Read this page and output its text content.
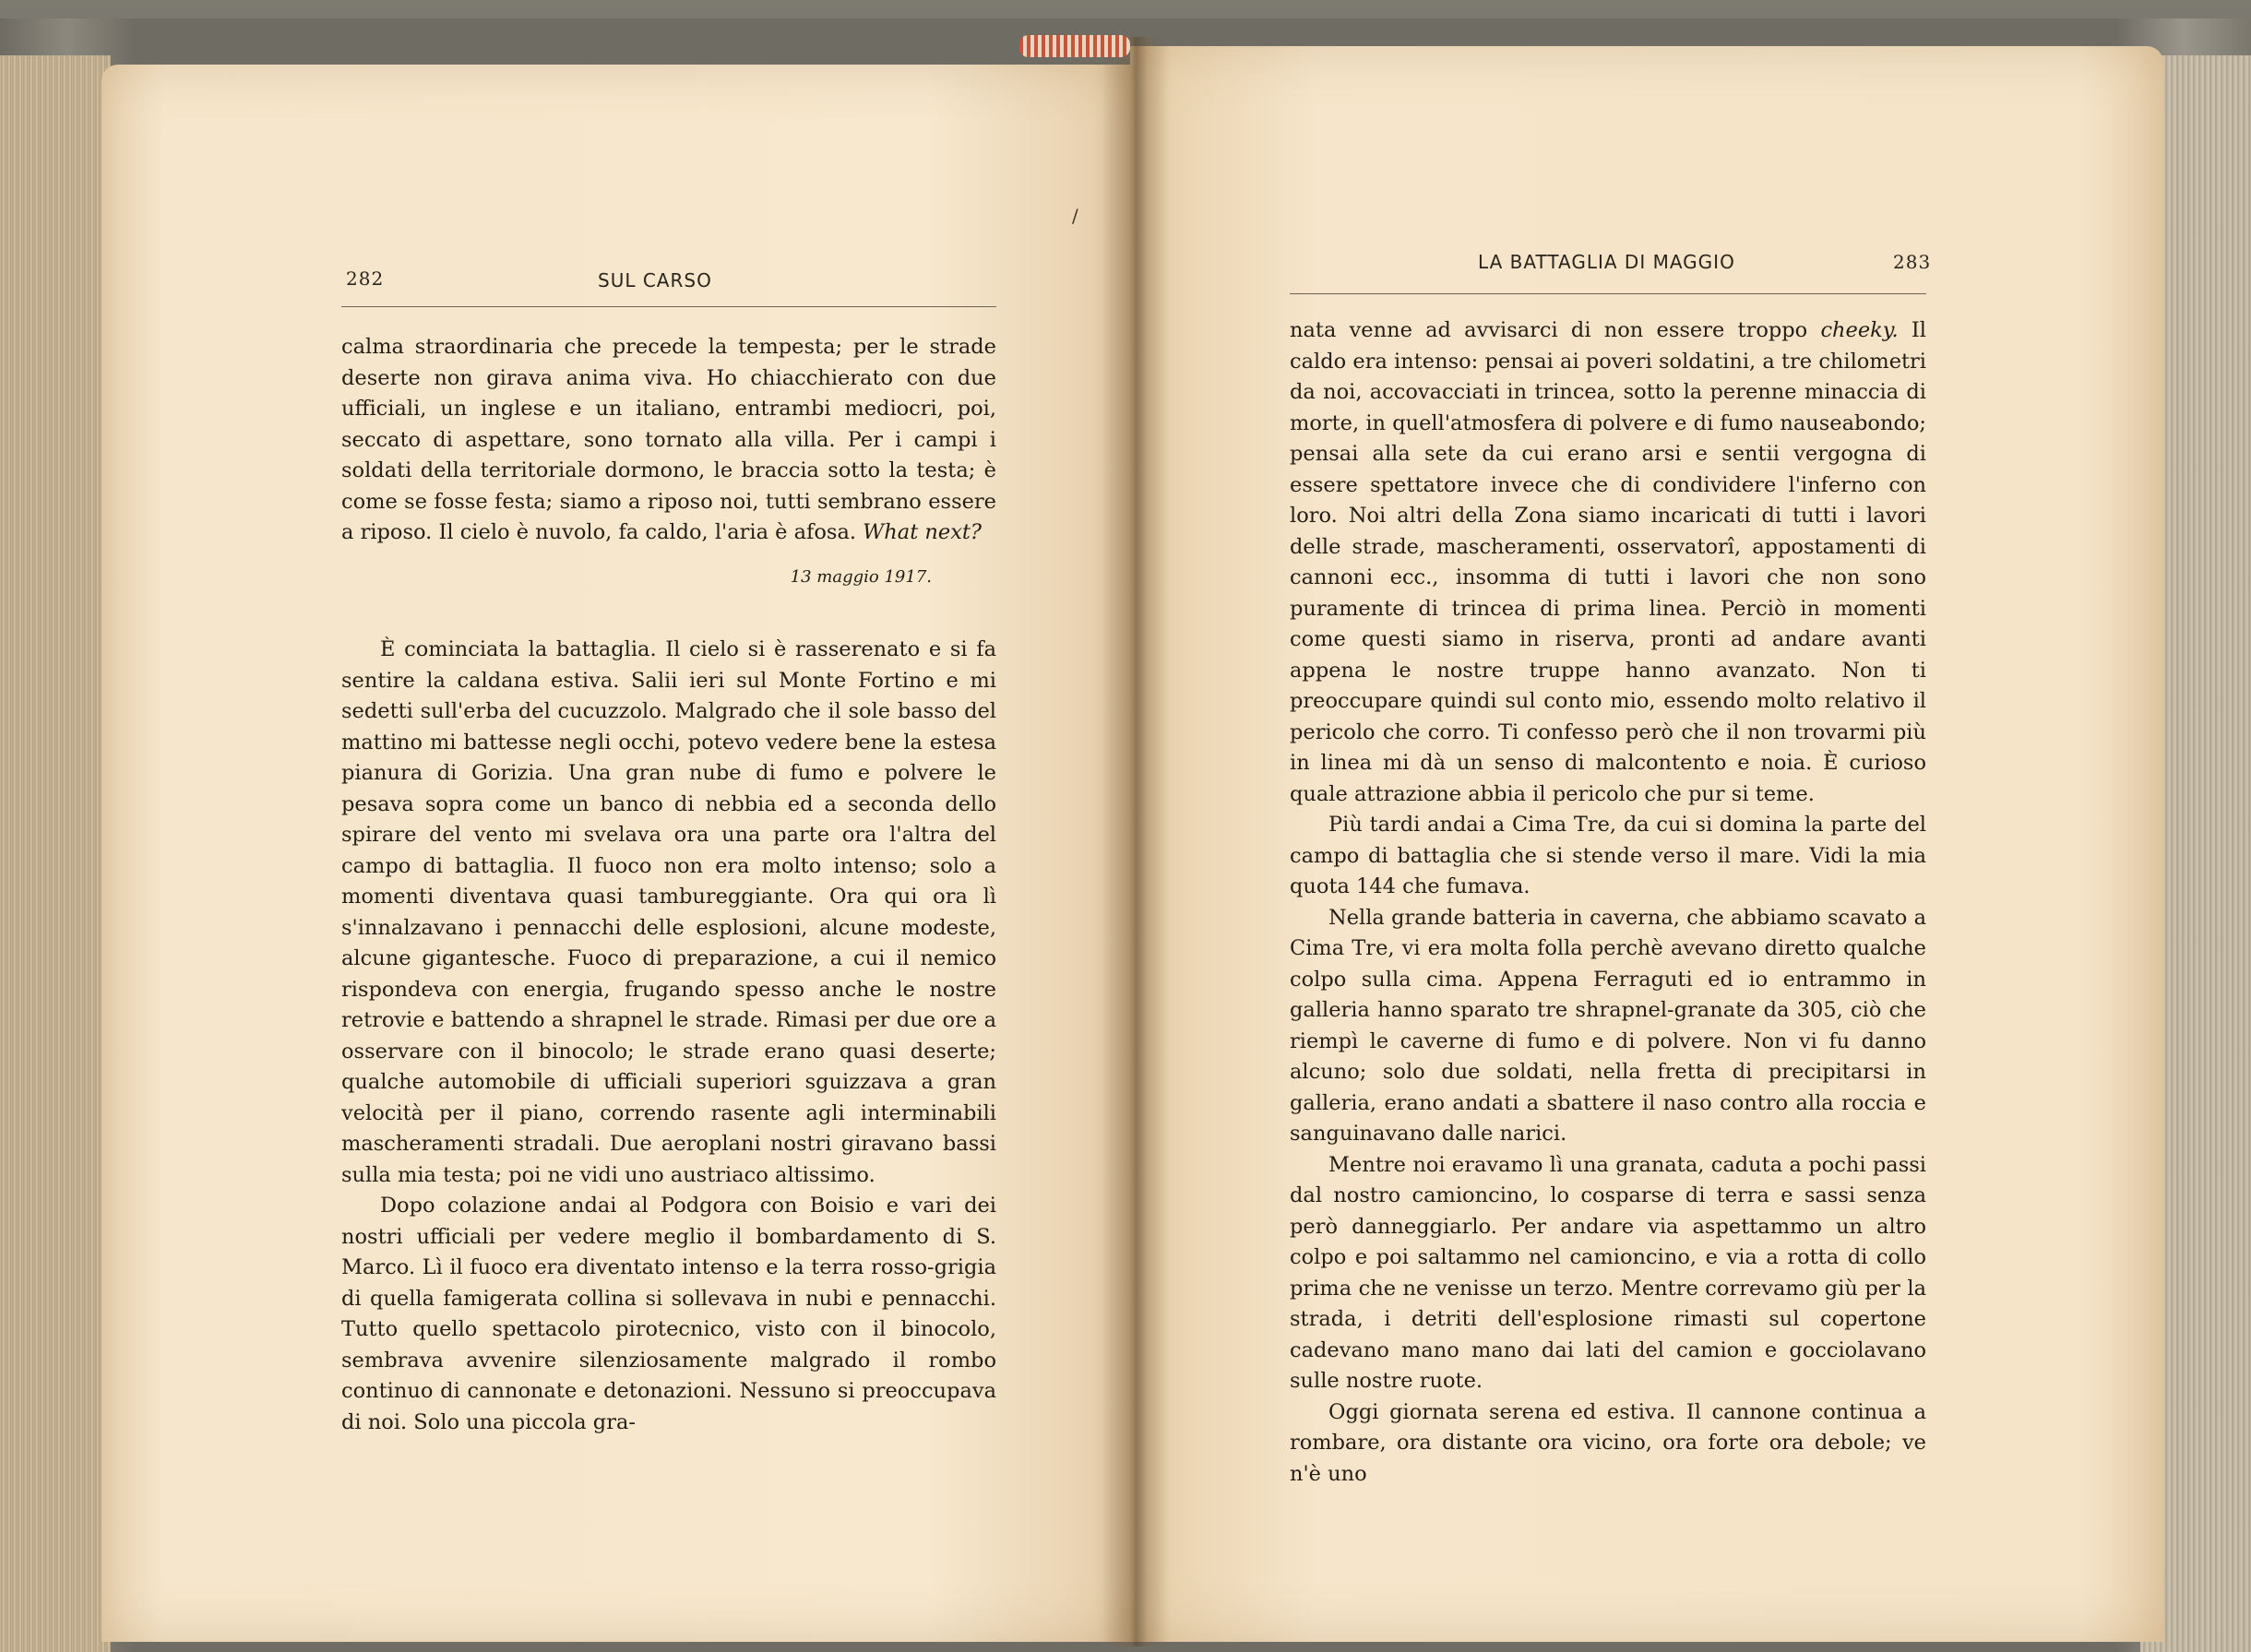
282	SUL CARSO

calma straordinaria che precede la tempesta; per le strade deserte non girava anima viva. Ho chiacchierato con due ufficiali, un inglese e un italiano, entrambi mediocri, poi, seccato di aspettare, sono tornato alla villa. Per i campi i soldati della territoriale dormono, le braccia sotto la testa; è come se fosse festa; siamo a riposo noi, tutti sembrano essere a riposo. Il cielo è nuvolo, fa caldo, l'aria è afosa. What next?

13 maggio 1917.

È cominciata la battaglia. Il cielo si è rasserenato e si fa sentire la caldana estiva. Salii ieri sul Monte Fortino e mi sedetti sull'erba del cucuzzolo. Malgrado che il sole basso del mattino mi battesse negli occhi, potevo vedere bene la estesa pianura di Gorizia. Una gran nube di fumo e polvere le pesava sopra come un banco di nebbia ed a seconda dello spirare del vento mi svelava ora una parte ora l'altra del campo di battaglia. Il fuoco non era molto intenso; solo a momenti diventava quasi tambureggiante. Ora qui ora lì s'innalzavano i pennacchi delle esplosioni, alcune modeste, alcune gigantesche. Fuoco di preparazione, a cui il nemico rispondeva con energia, frugando spesso anche le nostre retrovie e battendo a shrapnel le strade. Rimasi per due ore a osservare con il binocolo; le strade erano quasi deserte; qualche automobile di ufficiali superiori sguizzava a gran velocità per il piano, correndo rasente agli interminabili mascheramenti stradali. Due aeroplani nostri giravano bassi sulla mia testa; poi ne vidi uno austriaco altissimo.

Dopo colazione andai al Podgora con Boisio e vari dei nostri ufficiali per vedere meglio il bombardamento di S. Marco. Lì il fuoco era diventato intenso e la terra rosso-grigia di quella famigerata collina si sollevava in nubi e pennacchi. Tutto quello spettacolo pirotecnico, visto con il binocolo, sembrava avvenire silenziosamente malgrado il rombo continuo di cannonate e detonazioni. Nessuno si preoccupava di noi. Solo una piccola gra-

/
LA BATTAGLIA DI MAGGIO	283

nata venne ad avvisarci di non essere troppo cheeky. Il caldo era intenso: pensai ai poveri soldatini, a tre chilometri da noi, accovacciati in trincea, sotto la perenne minaccia di morte, in quell'atmosfera di polvere e di fumo nauseabondo; pensai alla sete da cui erano arsi e sentii vergogna di essere spettatore invece che di condividere l'inferno con loro. Noi altri della Zona siamo incaricati di tutti i lavori delle strade, mascheramenti, osservatorî, appostamenti di cannoni ecc., insomma di tutti i lavori che non sono puramente di trincea di prima linea. Perciò in momenti come questi siamo in riserva, pronti ad andare avanti appena le nostre truppe hanno avanzato. Non ti preoccupare quindi sul conto mio, essendo molto relativo il pericolo che corro. Ti confesso però che il non trovarmi più in linea mi dà un senso di malcontento e noia. È curioso quale attrazione abbia il pericolo che pur si teme.

Più tardi andai a Cima Tre, da cui si domina la parte del campo di battaglia che si stende verso il mare. Vidi la mia quota 144 che fumava.

Nella grande batteria in caverna, che abbiamo scavato a Cima Tre, vi era molta folla perchè avevano diretto qualche colpo sulla cima. Appena Ferraguti ed io entrammo in galleria hanno sparato tre shrapnel-granate da 305, ciò che riempì le caverne di fumo e di polvere. Non vi fu danno alcuno; solo due soldati, nella fretta di precipitarsi in galleria, erano andati a sbattere il naso contro alla roccia e sanguinavano dalle narici.

Mentre noi eravamo lì una granata, caduta a pochi passi dal nostro camioncino, lo cosparse di terra e sassi senza però danneggiarlo. Per andare via aspettammo un altro colpo e poi saltammo nel camioncino, e via a rotta di collo prima che ne venisse un terzo. Mentre correvamo giù per la strada, i detriti dell'esplosione rimasti sul copertone cadevano mano mano dai lati del camion e gocciolavano sulle nostre ruote.

Oggi giornata serena ed estiva. Il cannone continua a rombare, ora distante ora vicino, ora forte ora debole; ve n'è uno
